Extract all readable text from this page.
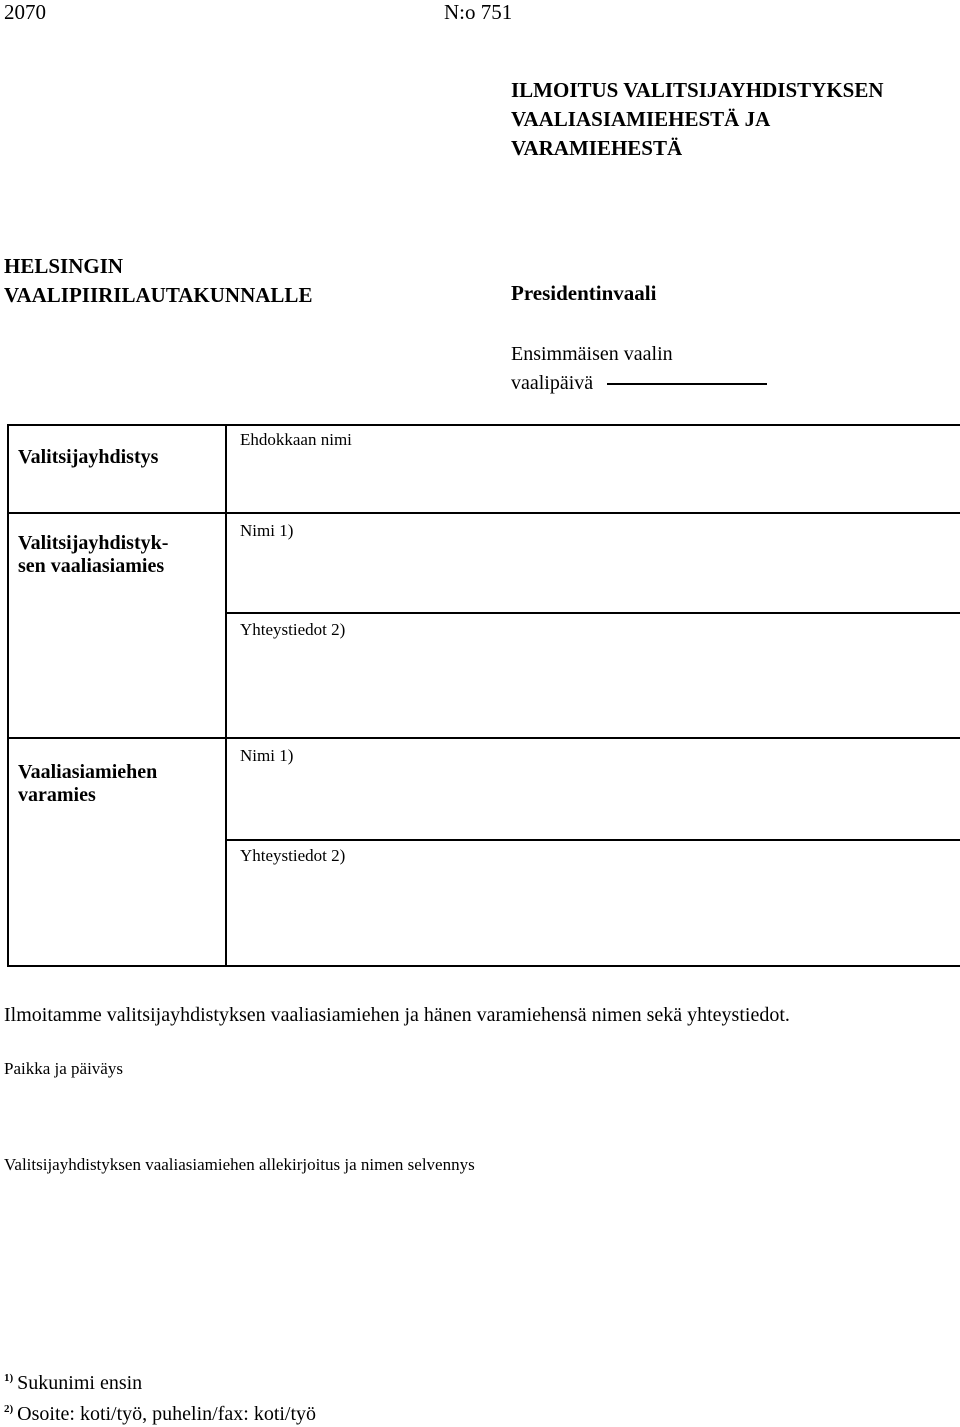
2070	N:o 751
ILMOITUS VALITSIJAYHDISTYKSEN
VAALIASIAMIEHESTÄ JA
VARAMIEHESTÄ
HELSINGIN
VAALIPIIRILAUTAKUNNALLE	Presidentinvaali
Ensimmäisen vaalin
vaalipäivä
Valitsijayhdistys
Ehdokkaan nimi
Valitsijayhdistyk-
sen vaaliasiamies
Nimi 1)
Yhteystiedot 2)
Vaaliasiamiehen
varamies
Nimi 1)
Yhteystiedot 2)
Ilmoitamme valitsijayhdistyksen vaaliasiamiehen ja hänen varamiehensä nimen sekä yhteystiedot.
Paikka ja päiväys
Valitsijayhdistyksen vaaliasiamiehen allekirjoitus ja nimen selvennys
$^{1)}$ Sukunimi ensin
$^{2)}$ Osoite: koti/työ, puhelin/fax: koti/työ
